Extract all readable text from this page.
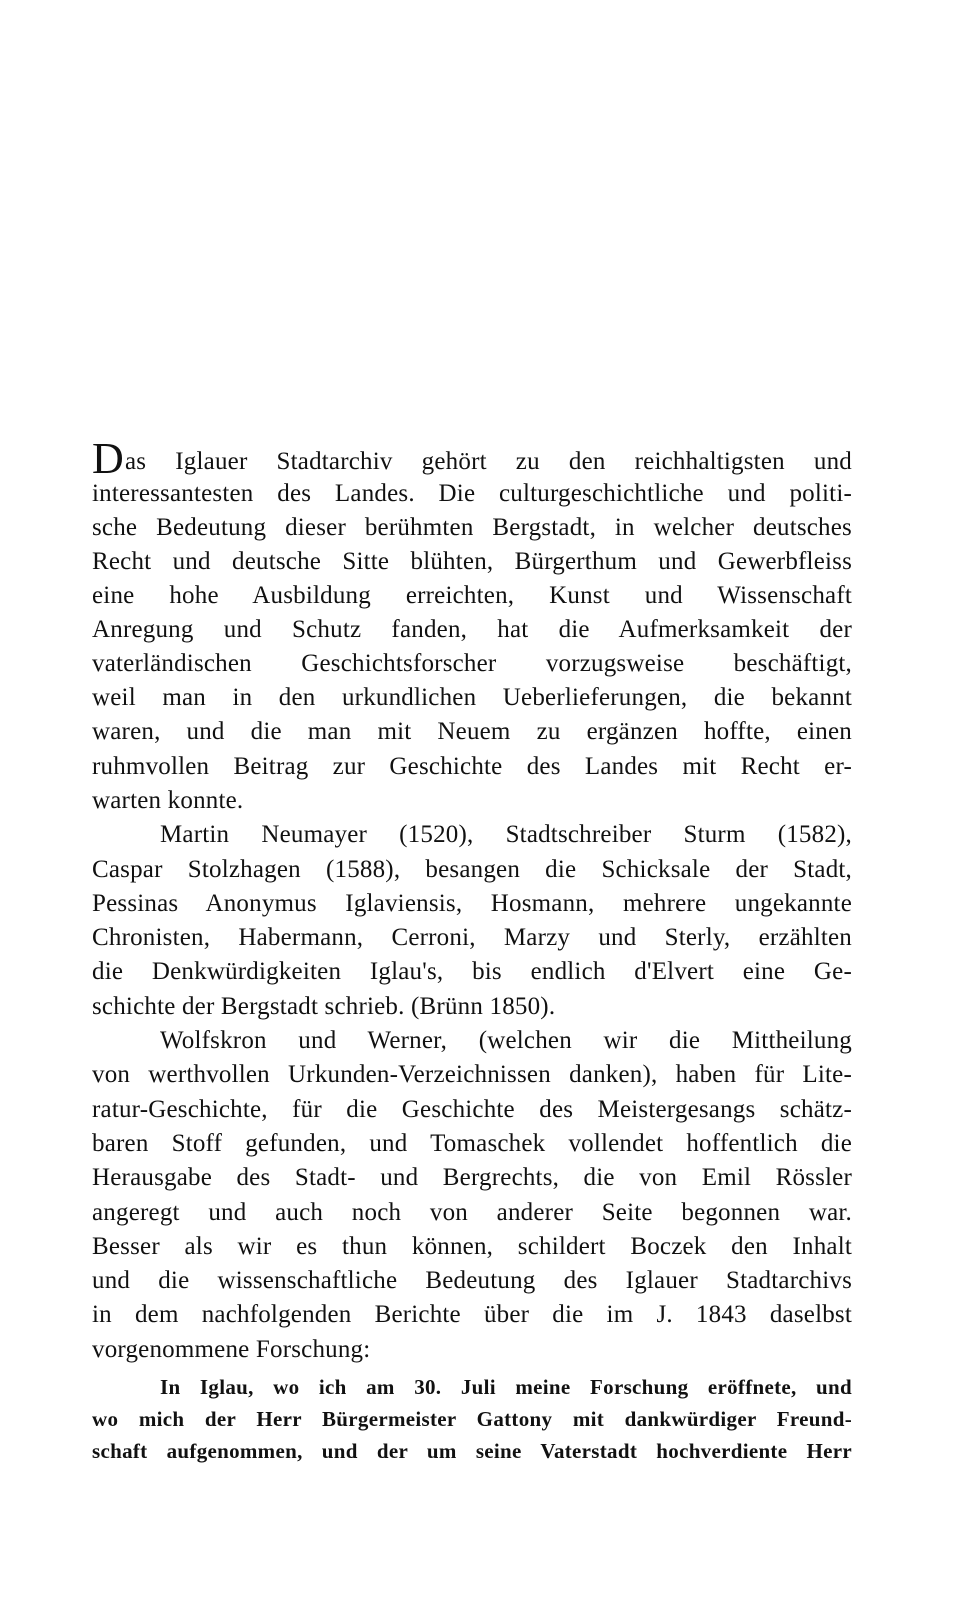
Das Iglauer Stadtarchiv gehört zu den reichhaltigsten und

interessantesten des Landes. Die culturgeschichtliche und politi-

sche Bedeutung dieser berühmten Bergstadt, in welcher deutsches

Recht und deutsche Sitte blühten, Bürgerthum und Gewerbfleiss

eine hohe Ausbildung erreichten, Kunst und Wissenschaft

Anregung und Schutz fanden, hat die Aufmerksamkeit der

vaterländischen Geschichtsforscher vorzugsweise beschäftigt,

weil man in den urkundlichen Ueberlieferungen, die bekannt

waren, und die man mit Neuem zu ergänzen hoffte, einen

ruhmvollen Beitrag zur Geschichte des Landes mit Recht er-

warten konnte.

Martin Neumayer (1520), Stadtschreiber Sturm (1582),

Caspar Stolzhagen (1588), besangen die Schicksale der Stadt,

Pessinas Anonymus Iglaviensis, Hosmann, mehrere ungekannte

Chronisten, Habermann, Cerroni, Marzy und Sterly, erzählten

die Denkwürdigkeiten Iglau's, bis endlich d'Elvert eine Ge-

schichte der Bergstadt schrieb. (Brünn 1850).

Wolfskron und Werner, (welchen wir die Mittheilung

von werthvollen Urkunden-Verzeichnissen danken), haben für Lite-

ratur-Geschichte, für die Geschichte des Meistergesangs schätz-

baren Stoff gefunden, und Tomaschek vollendet hoffentlich die

Herausgabe des Stadt- und Bergrechts, die von Emil Rössler

angeregt und auch noch von anderer Seite begonnen war.

Besser als wir es thun können, schildert Boczek den Inhalt

und die wissenschaftliche Bedeutung des Iglauer Stadtarchivs

in dem nachfolgenden Berichte über die im J. 1843 daselbst

vorgenommene Forschung:

In Iglau, wo ich am 30. Juli meine Forschung eröffnete, und

wo mich der Herr Bürgermeister Gattony mit dankwürdiger Freund-

schaft aufgenommen, und der um seine Vaterstadt hochverdiente Herr
